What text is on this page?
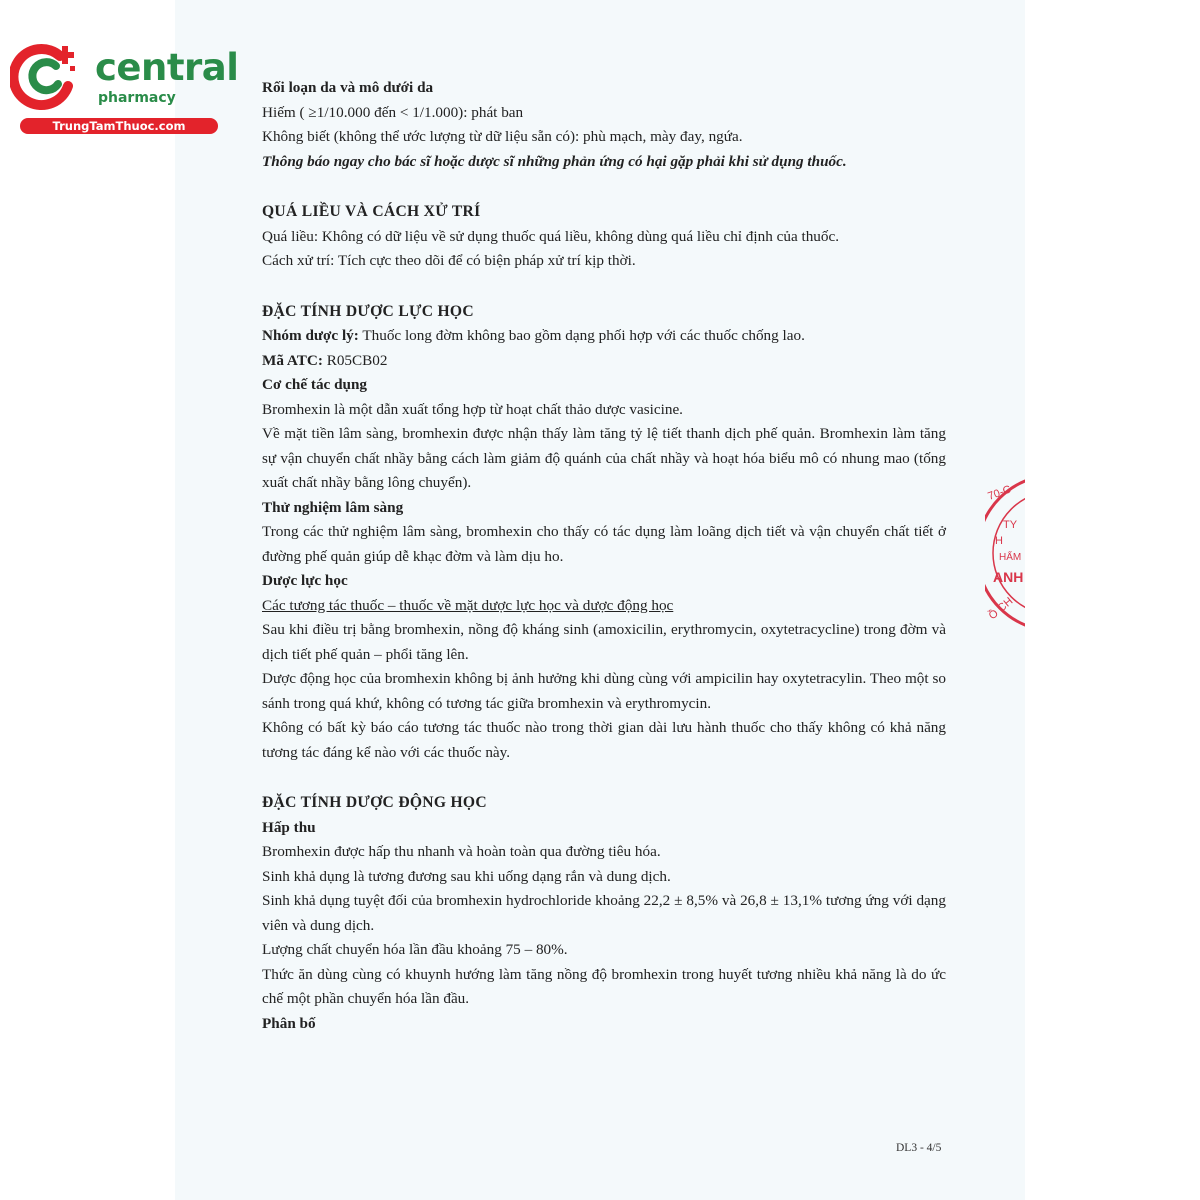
central
pharmacy
TrungTamThuoc.com
70-C
TY
H
HẨM
ANH
Ồ CH

Rối loạn da và mô dưới da

Hiếm ( ≥1/10.000 đến < 1/1.000): phát ban

Không biết (không thể ước lượng từ dữ liệu sẵn có): phù mạch, mày đay, ngứa.

Thông báo ngay cho bác sĩ hoặc dược sĩ những phản ứng có hại gặp phải khi sử dụng thuốc.

QUÁ LIỀU VÀ CÁCH XỬ TRÍ

Quá liều: Không có dữ liệu về sử dụng thuốc quá liều, không dùng quá liều chỉ định của thuốc.

Cách xử trí: Tích cực theo dõi để có biện pháp xử trí kịp thời.

ĐẶC TÍNH DƯỢC LỰC HỌC

Nhóm dược lý: Thuốc long đờm không bao gồm dạng phối hợp với các thuốc chống lao.

Mã ATC: R05CB02

Cơ chế tác dụng

Bromhexin là một dẫn xuất tổng hợp từ hoạt chất thảo dược vasicine.

Về mặt tiền lâm sàng, bromhexin được nhận thấy làm tăng tỷ lệ tiết thanh dịch phế quản. Bromhexin làm tăng sự vận chuyển chất nhầy bằng cách làm giảm độ quánh của chất nhầy và hoạt hóa biểu mô có nhung mao (tống xuất chất nhầy bằng lông chuyển).

Thử nghiệm lâm sàng

Trong các thử nghiệm lâm sàng, bromhexin cho thấy có tác dụng làm loãng dịch tiết và vận chuyển chất tiết ở đường phế quản giúp dễ khạc đờm và làm dịu ho.

Dược lực học

Các tương tác thuốc – thuốc về mặt dược lực học và dược động học

Sau khi điều trị bằng bromhexin, nồng độ kháng sinh (amoxicilin, erythromycin, oxytetracycline) trong đờm và dịch tiết phế quản – phổi tăng lên.

Dược động học của bromhexin không bị ảnh hưởng khi dùng cùng với ampicilin hay oxytetracylin. Theo một so sánh trong quá khứ, không có tương tác giữa bromhexin và erythromycin.

Không có bất kỳ báo cáo tương tác thuốc nào trong thời gian dài lưu hành thuốc cho thấy không có khả năng tương tác đáng kể nào với các thuốc này.

ĐẶC TÍNH DƯỢC ĐỘNG HỌC

Hấp thu

Bromhexin được hấp thu nhanh và hoàn toàn qua đường tiêu hóa.

Sinh khả dụng là tương đương sau khi uống dạng rắn và dung dịch.

Sinh khả dụng tuyệt đối của bromhexin hydrochloride khoảng 22,2 ± 8,5% và 26,8 ± 13,1% tương ứng với dạng viên và dung dịch.

Lượng chất chuyển hóa lần đầu khoảng 75 – 80%.

Thức ăn dùng cùng có khuynh hướng làm tăng nồng độ bromhexin trong huyết tương nhiều khả năng là do ức chế một phần chuyển hóa lần đầu.

Phân bố

DL3 - 4/5
